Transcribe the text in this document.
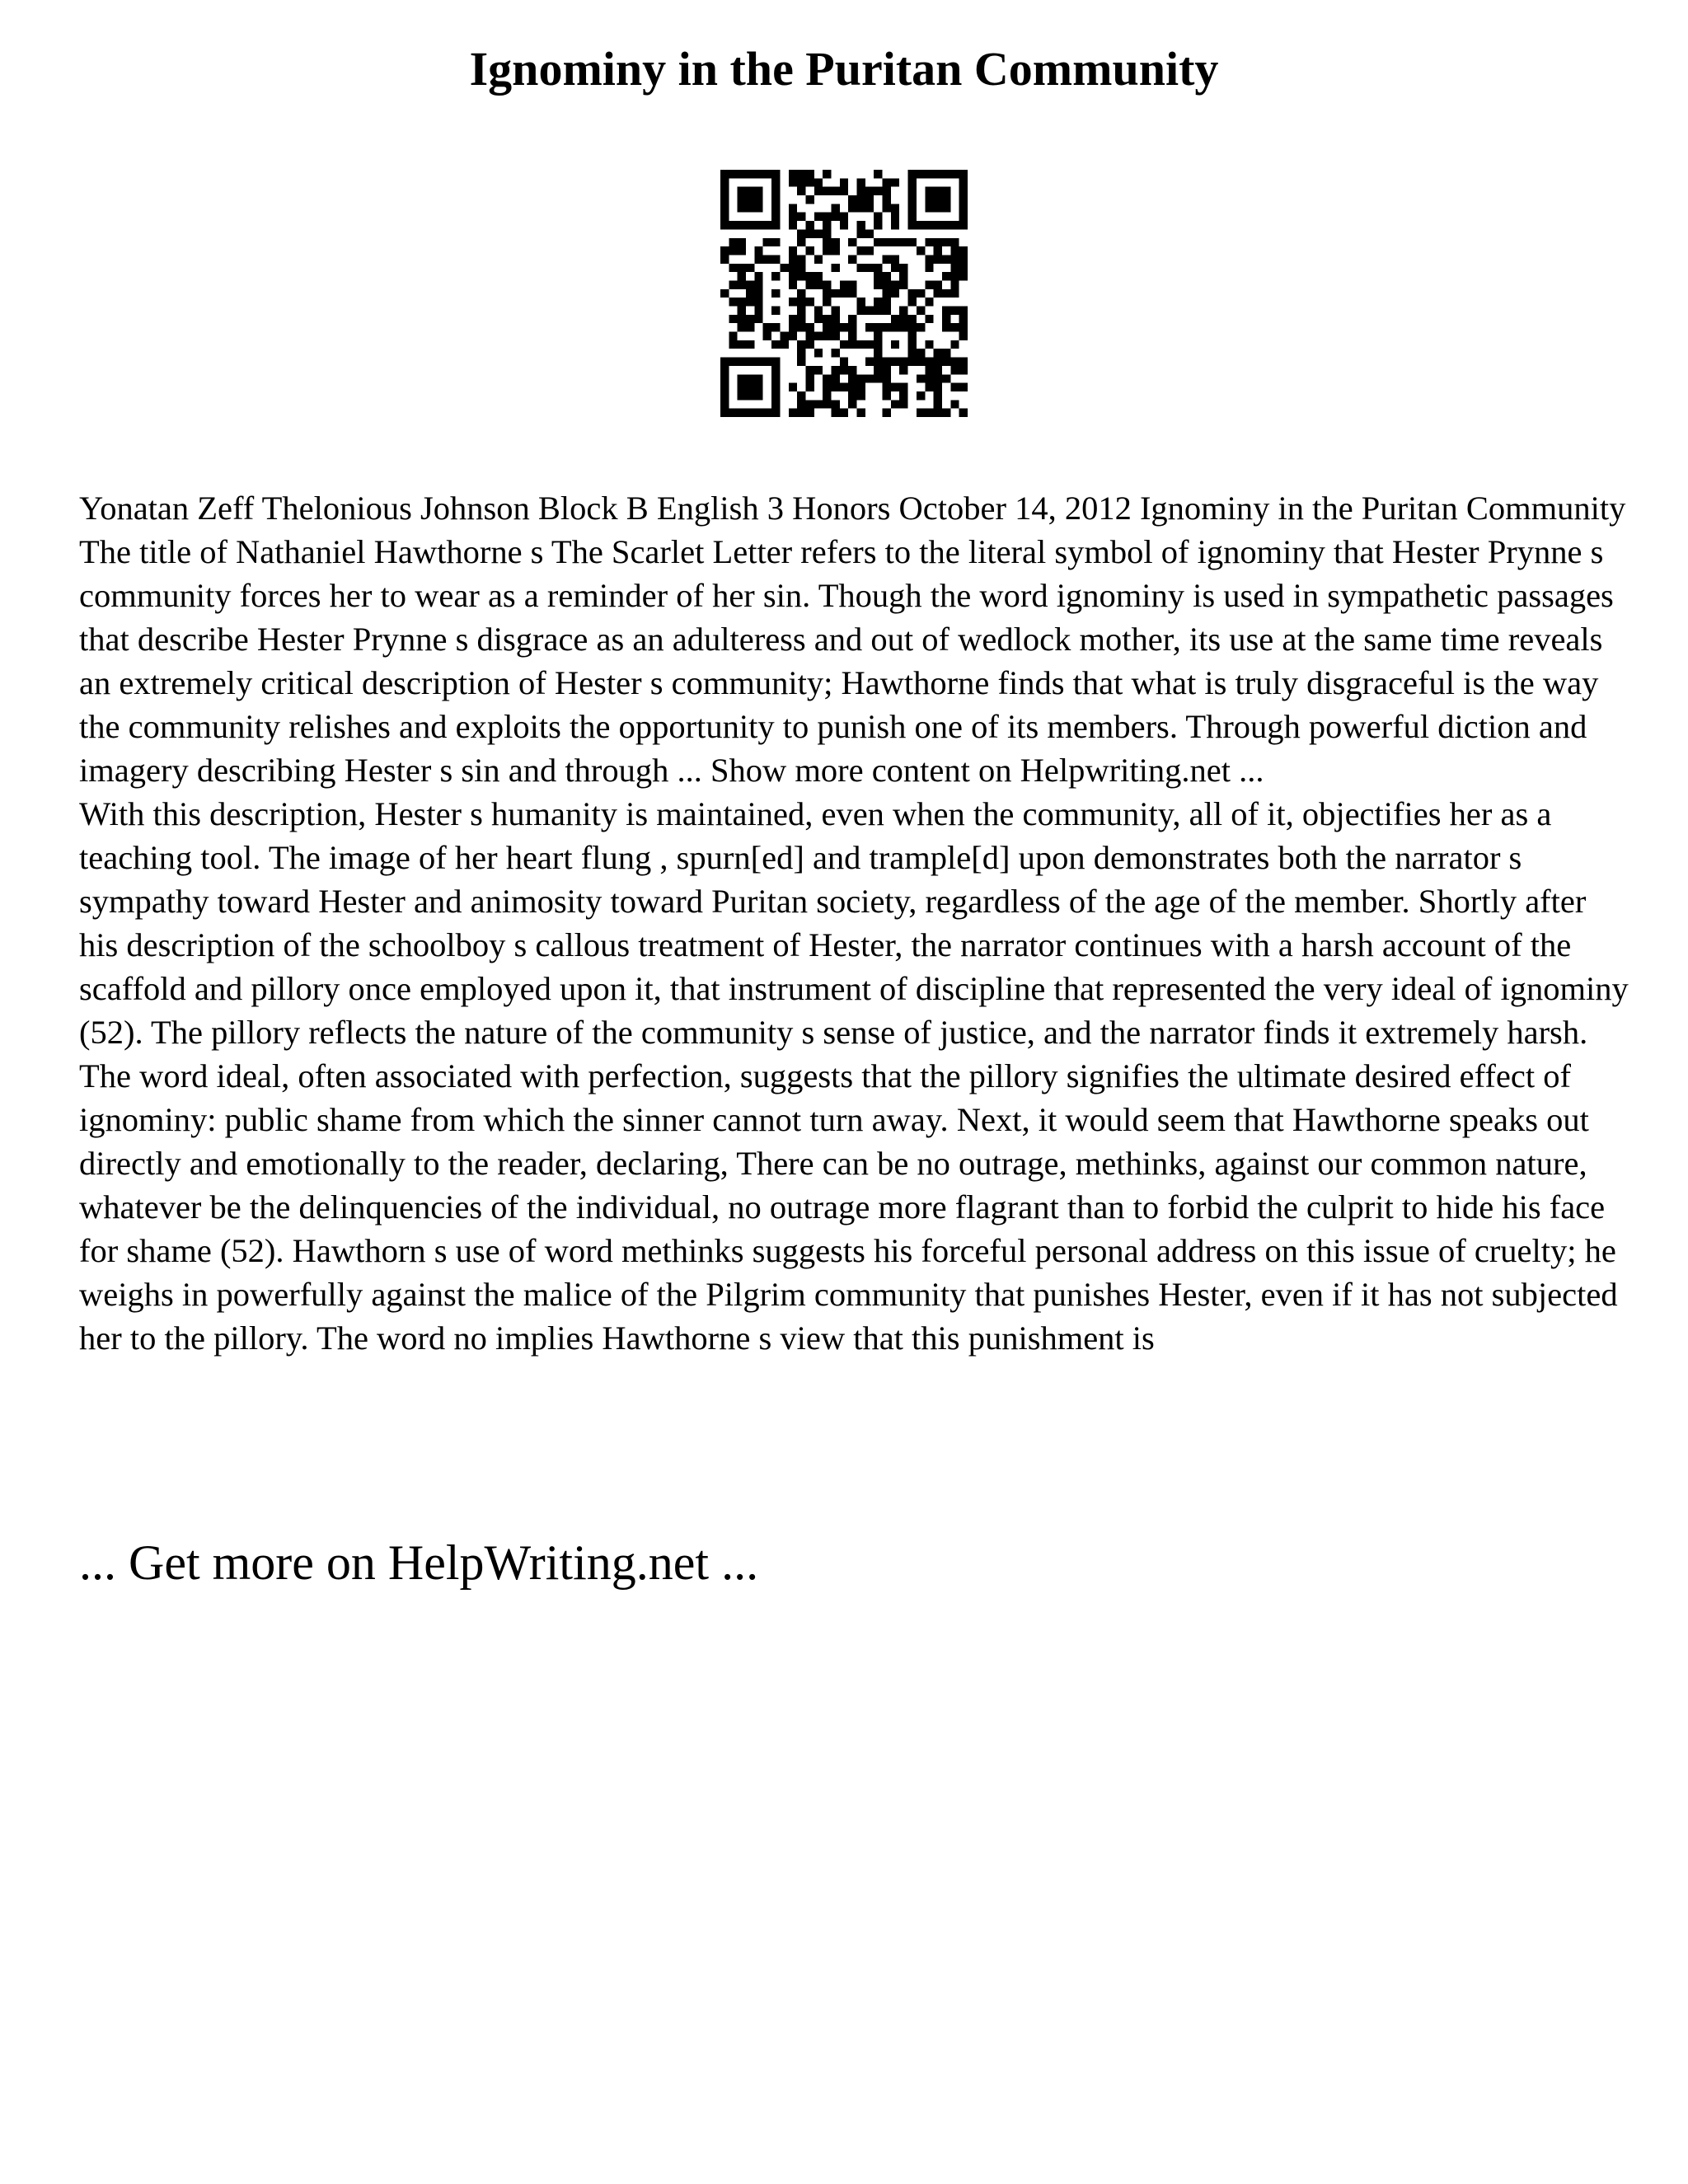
Ignominy in the Puritan Community

Yonatan Zeff Thelonious Johnson Block B English 3 Honors October 14, 2012 Ignominy in the Puritan Community The title of Nathaniel Hawthorne s The Scarlet Letter refers to the literal symbol of ignominy that Hester Prynne s community forces her to wear as a reminder of her sin. Though the word ignominy is used in sympathetic passages that describe Hester Prynne s disgrace as an adulteress and out of wedlock mother, its use at the same time reveals an extremely critical description of Hester s community; Hawthorne finds that what is truly disgraceful is the way the community relishes and exploits the opportunity to punish one of its members. Through powerful diction and imagery describing Hester s sin and through ... Show more content on Helpwriting.net ...

With this description, Hester s humanity is maintained, even when the community, all of it, objectifies her as a teaching tool. The image of her heart flung , spurn[ed] and trample[d] upon demonstrates both the narrator s sympathy toward Hester and animosity toward Puritan society, regardless of the age of the member. Shortly after his description of the schoolboy s callous treatment of Hester, the narrator continues with a harsh account of the scaffold and pillory once employed upon it, that instrument of discipline that represented the very ideal of ignominy (52). The pillory reflects the nature of the community s sense of justice, and the narrator finds it extremely harsh. The word ideal, often associated with perfection, suggests that the pillory signifies the ultimate desired effect of ignominy: public shame from which the sinner cannot turn away. Next, it would seem that Hawthorne speaks out directly and emotionally to the reader, declaring, There can be no outrage, methinks, against our common nature, whatever be the delinquencies of the individual, no outrage more flagrant than to forbid the culprit to hide his face for shame (52). Hawthorn s use of word methinks suggests his forceful personal address on this issue of cruelty; he weighs in powerfully against the malice of the Pilgrim community that punishes Hester, even if it has not subjected her to the pillory. The word no implies Hawthorne s view that this punishment is

... Get more on HelpWriting.net ...
